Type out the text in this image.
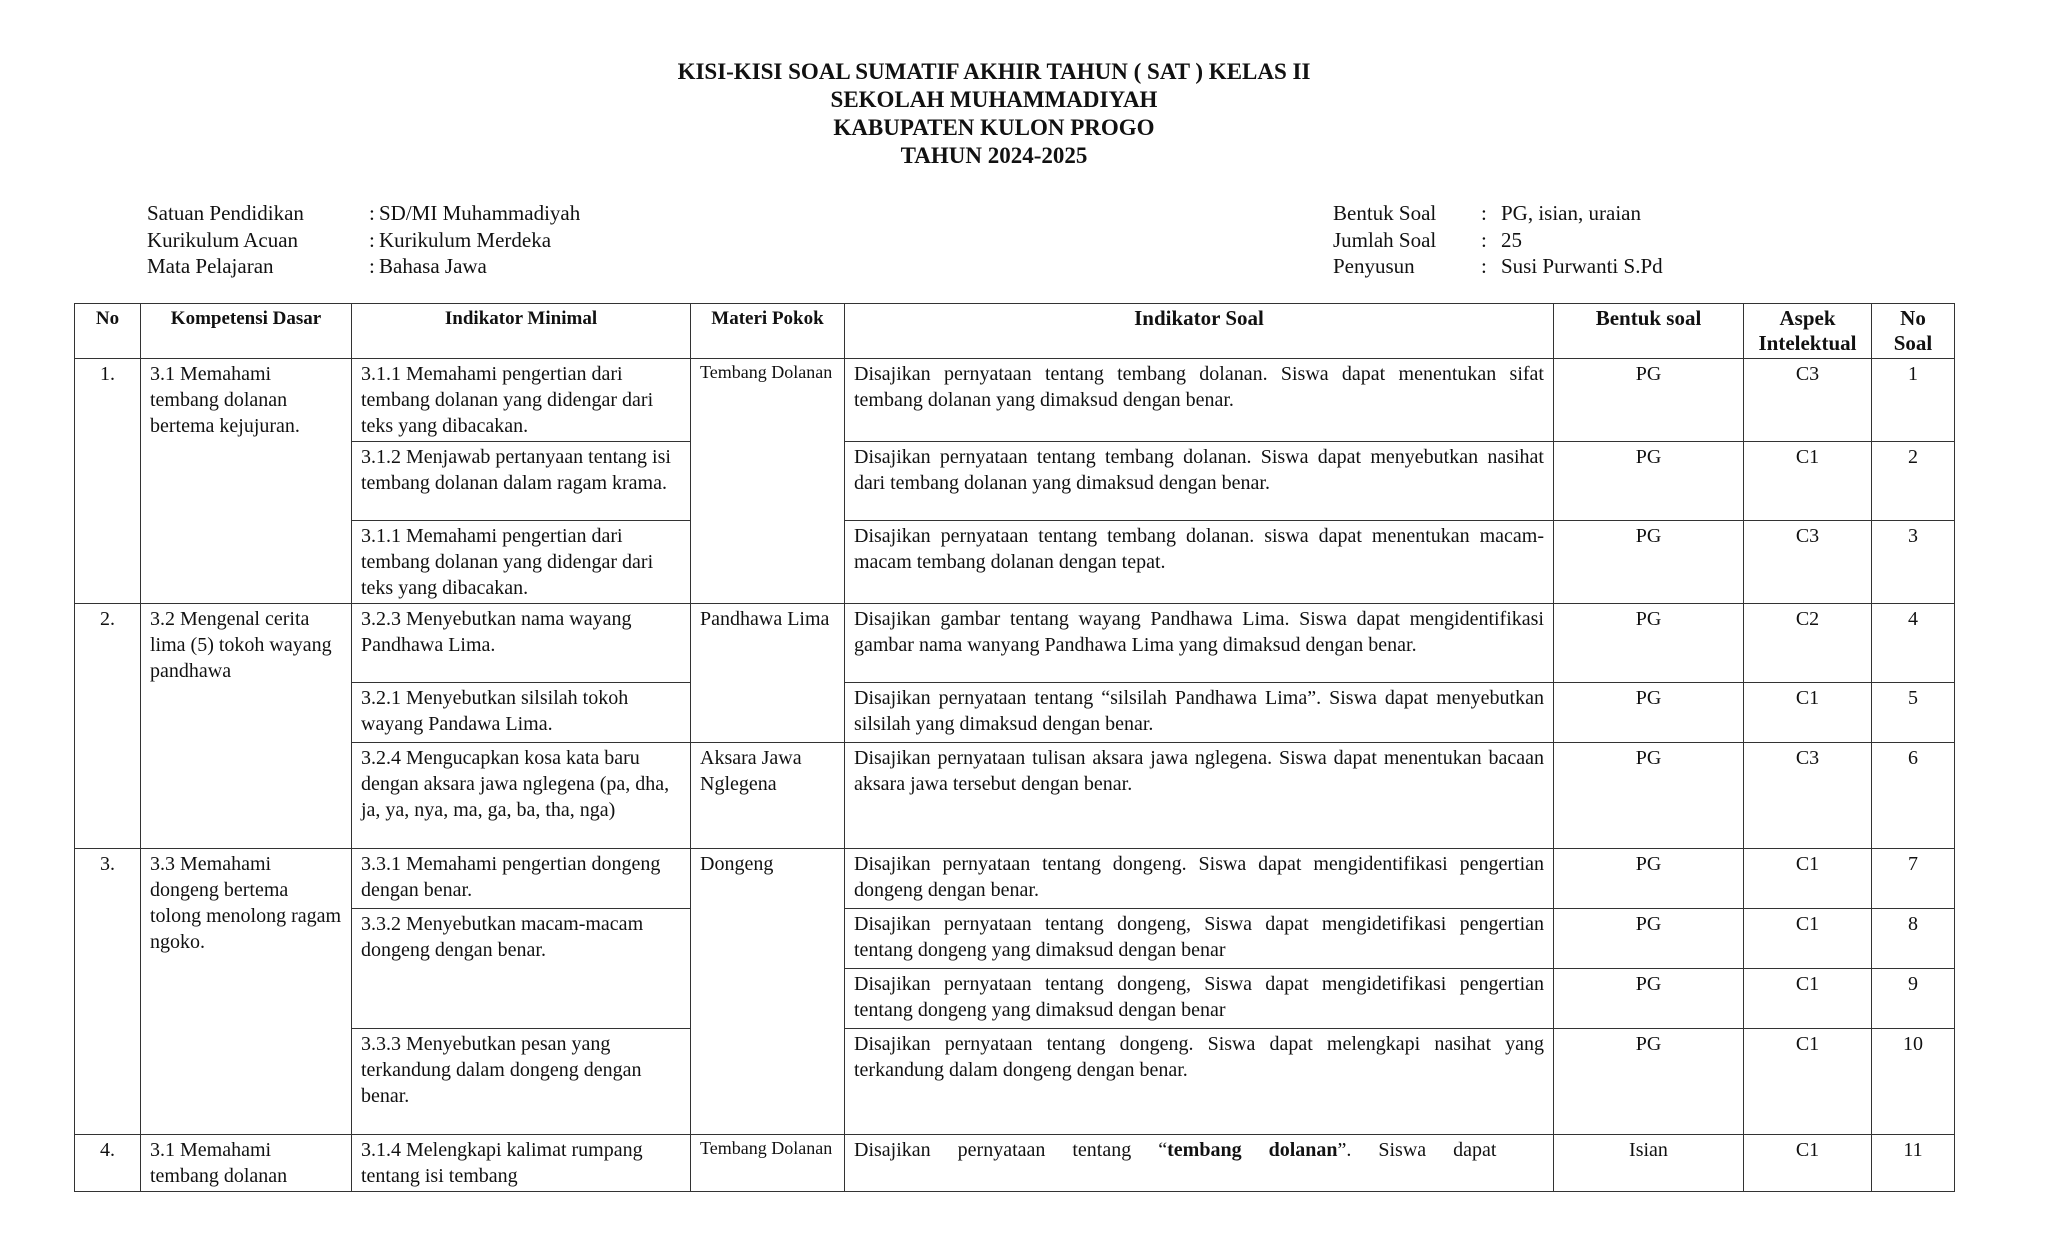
KISI-KISI SOAL SUMATIF AKHIR TAHUN ( SAT ) KELAS II

SEKOLAH MUHAMMADIYAH

KABUPATEN KULON PROGO

TAHUN 2024-2025

Satuan Pendidikan	: SD/MI Muhammadiyah
Kurikulum Acuan	: Kurikulum Merdeka
Mata Pelajaran	: Bahasa Jawa
Bentuk Soal	: PG, isian, uraian
Jumlah Soal	: 25
Penyusun	: Susi Purwanti S.Pd
No	Kompetensi Dasar	Indikator Minimal	Materi Pokok	Indikator Soal	Bentuk soal	Aspek Intelektual	No Soal
1.	3.1 Memahami tembang dolanan bertema kejujuran.	3.1.1 Memahami pengertian dari tembang dolanan yang didengar dari teks yang dibacakan.	Tembang Dolanan	Disajikan pernyataan tentang tembang dolanan. Siswa dapat menentukan sifat tembang dolanan yang dimaksud dengan benar.	PG	C3	1
		3.1.2 Menjawab pertanyaan tentang isi tembang dolanan dalam ragam krama.		Disajikan pernyataan tentang tembang dolanan. Siswa dapat menyebutkan nasihat dari tembang dolanan yang dimaksud dengan benar.	PG	C1	2
		3.1.1 Memahami pengertian dari tembang dolanan yang didengar dari teks yang dibacakan.		Disajikan pernyataan tentang tembang dolanan. siswa dapat menentukan macam- macam tembang dolanan dengan tepat.	PG	C3	3
2.	3.2 Mengenal cerita lima (5) tokoh wayang pandhawa	3.2.3 Menyebutkan nama wayang Pandhawa Lima.	Pandhawa Lima	Disajikan gambar tentang wayang Pandhawa Lima. Siswa dapat mengidentifikasi gambar nama wanyang Pandhawa Lima yang dimaksud dengan benar.	PG	C2	4
		3.2.1 Menyebutkan silsilah tokoh wayang Pandawa Lima.		Disajikan pernyataan tentang “silsilah Pandhawa Lima”. Siswa dapat menyebutkan silsilah yang dimaksud dengan benar.	PG	C1	5
		3.2.4 Mengucapkan kosa kata baru dengan aksara jawa nglegena (pa, dha, ja, ya, nya, ma, ga, ba, tha, nga)	Aksara Jawa Nglegena	Disajikan pernyataan tulisan aksara jawa nglegena. Siswa dapat menentukan bacaan aksara jawa tersebut dengan benar.	PG	C3	6
3.	3.3 Memahami dongeng bertema tolong menolong ragam ngoko.	3.3.1 Memahami pengertian dongeng dengan benar.	Dongeng	Disajikan pernyataan tentang dongeng. Siswa dapat mengidentifikasi pengertian dongeng dengan benar.	PG	C1	7
		3.3.2 Menyebutkan macam-macam dongeng dengan benar.		Disajikan pernyataan tentang dongeng, Siswa dapat mengidetifikasi pengertian tentang dongeng yang dimaksud dengan benar	PG	C1	8
				Disajikan pernyataan tentang dongeng, Siswa dapat mengidetifikasi pengertian tentang dongeng yang dimaksud dengan benar	PG	C1	9
		3.3.3 Menyebutkan pesan yang terkandung dalam dongeng dengan benar.		Disajikan pernyataan tentang dongeng. Siswa dapat melengkapi nasihat yang terkandung dalam dongeng dengan benar.	PG	C1	10
4.	3.1 Memahami tembang dolanan	3.1.4 Melengkapi kalimat rumpang tentang isi tembang	Tembang Dolanan	Disajikan pernyataan tentang “tembang dolanan”. Siswa dapat	Isian	C1	11
